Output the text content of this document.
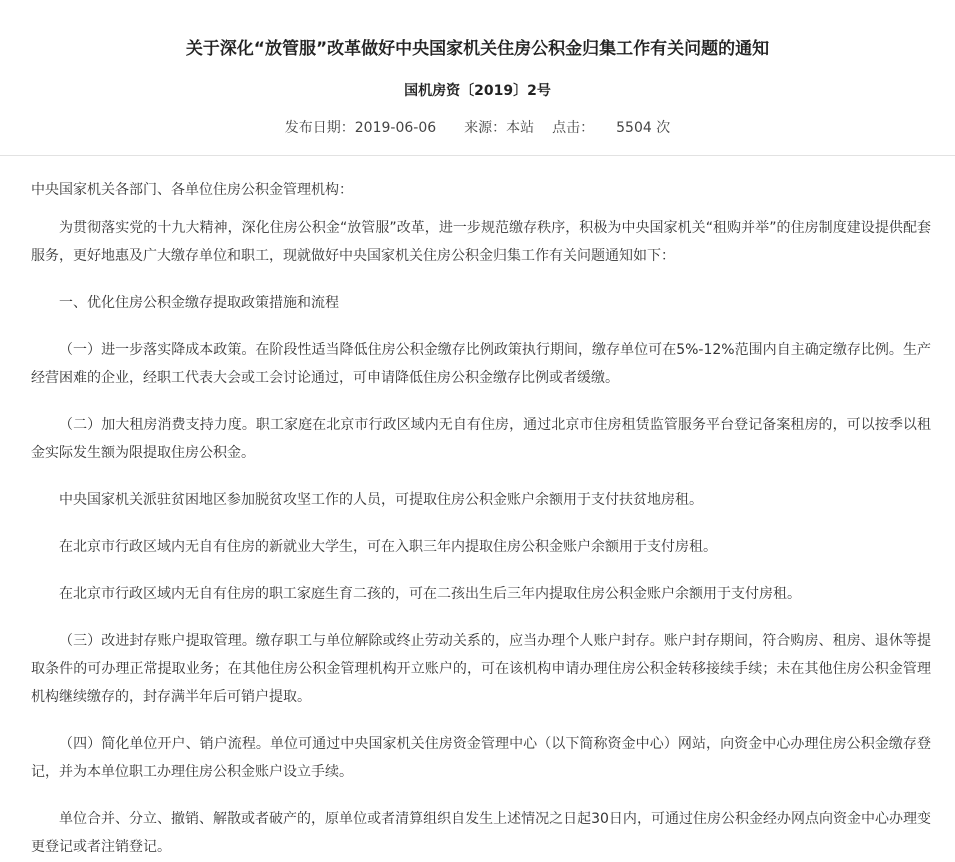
关于深化“放管服”改革做好中央国家机关住房公积金归集工作有关问题的通知
国机房资〔2019〕2号
发布日期：2019-06-06 来源：本站 点击： 5504 次

中央国家机关各部门、各单位住房公积金管理机构：

为贯彻落实党的十九大精神，深化住房公积金“放管服”改革，进一步规范缴存秩序，积极为中央国家机关“租购并举”的住房制度建设提供配套服务，更好地惠及广大缴存单位和职工，现就做好中央国家机关住房公积金归集工作有关问题通知如下：

一、优化住房公积金缴存提取政策措施和流程

（一）进一步落实降成本政策。在阶段性适当降低住房公积金缴存比例政策执行期间，缴存单位可在5%-12%范围内自主确定缴存比例。生产经营困难的企业，经职工代表大会或工会讨论通过，可申请降低住房公积金缴存比例或者缓缴。

（二）加大租房消费支持力度。职工家庭在北京市行政区域内无自有住房，通过北京市住房租赁监管服务平台登记备案租房的，可以按季以租金实际发生额为限提取住房公积金。

中央国家机关派驻贫困地区参加脱贫攻坚工作的人员，可提取住房公积金账户余额用于支付扶贫地房租。

在北京市行政区域内无自有住房的新就业大学生，可在入职三年内提取住房公积金账户余额用于支付房租。

在北京市行政区域内无自有住房的职工家庭生育二孩的，可在二孩出生后三年内提取住房公积金账户余额用于支付房租。

（三）改进封存账户提取管理。缴存职工与单位解除或终止劳动关系的，应当办理个人账户封存。账户封存期间，符合购房、租房、退休等提取条件的可办理正常提取业务；在其他住房公积金管理机构开立账户的，可在该机构申请办理住房公积金转移接续手续；未在其他住房公积金管理机构继续缴存的，封存满半年后可销户提取。

（四）简化单位开户、销户流程。单位可通过中央国家机关住房资金管理中心（以下简称资金中心）网站，向资金中心办理住房公积金缴存登记，并为本单位职工办理住房公积金账户设立手续。

单位合并、分立、撤销、解散或者破产的，原单位或者清算组织自发生上述情况之日起30日内，可通过住房公积金经办网点向资金中心办理变更登记或者注销登记。
